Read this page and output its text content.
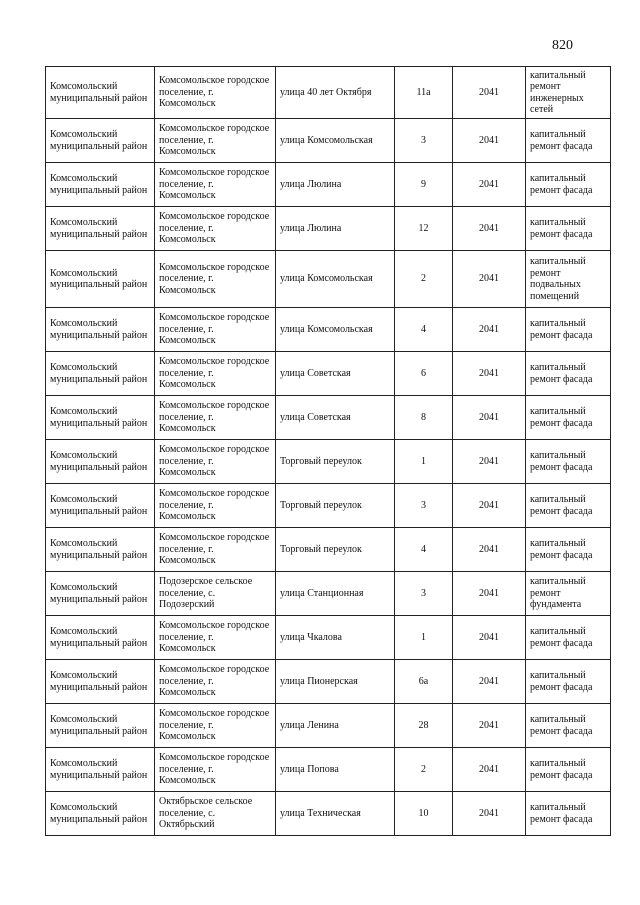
820
Комсомольский муниципальный район	Комсомольское городское поселение, г. Комсомольск	улица 40 лет Октября	11а	2041	капитальный ремонт инженерных сетей
Комсомольский муниципальный район	Комсомольское городское поселение, г. Комсомольск	улица Комсомольская	3	2041	капитальный ремонт фасада
Комсомольский муниципальный район	Комсомольское городское поселение, г. Комсомольск	улица Люлина	9	2041	капитальный ремонт фасада
Комсомольский муниципальный район	Комсомольское городское поселение, г. Комсомольск	улица Люлина	12	2041	капитальный ремонт фасада
Комсомольский муниципальный район	Комсомольское городское поселение, г. Комсомольск	улица Комсомольская	2	2041	капитальный ремонт подвальных помещений
Комсомольский муниципальный район	Комсомольское городское поселение, г. Комсомольск	улица Комсомольская	4	2041	капитальный ремонт фасада
Комсомольский муниципальный район	Комсомольское городское поселение, г. Комсомольск	улица Советская	6	2041	капитальный ремонт фасада
Комсомольский муниципальный район	Комсомольское городское поселение, г. Комсомольск	улица Советская	8	2041	капитальный ремонт фасада
Комсомольский муниципальный район	Комсомольское городское поселение, г. Комсомольск	Торговый переулок	1	2041	капитальный ремонт фасада
Комсомольский муниципальный район	Комсомольское городское поселение, г. Комсомольск	Торговый переулок	3	2041	капитальный ремонт фасада
Комсомольский муниципальный район	Комсомольское городское поселение, г. Комсомольск	Торговый переулок	4	2041	капитальный ремонт фасада
Комсомольский муниципальный район	Подозерское сельское поселение, с. Подозерский	улица Станционная	3	2041	капитальный ремонт фундамента
Комсомольский муниципальный район	Комсомольское городское поселение, г. Комсомольск	улица Чкалова	1	2041	капитальный ремонт фасада
Комсомольский муниципальный район	Комсомольское городское поселение, г. Комсомольск	улица Пионерская	6а	2041	капитальный ремонт фасада
Комсомольский муниципальный район	Комсомольское городское поселение, г. Комсомольск	улица Ленина	28	2041	капитальный ремонт фасада
Комсомольский муниципальный район	Комсомольское городское поселение, г. Комсомольск	улица Попова	2	2041	капитальный ремонт фасада
Комсомольский муниципальный район	Октябрьское сельское поселение, с. Октябрьский	улица Техническая	10	2041	капитальный ремонт фасада
